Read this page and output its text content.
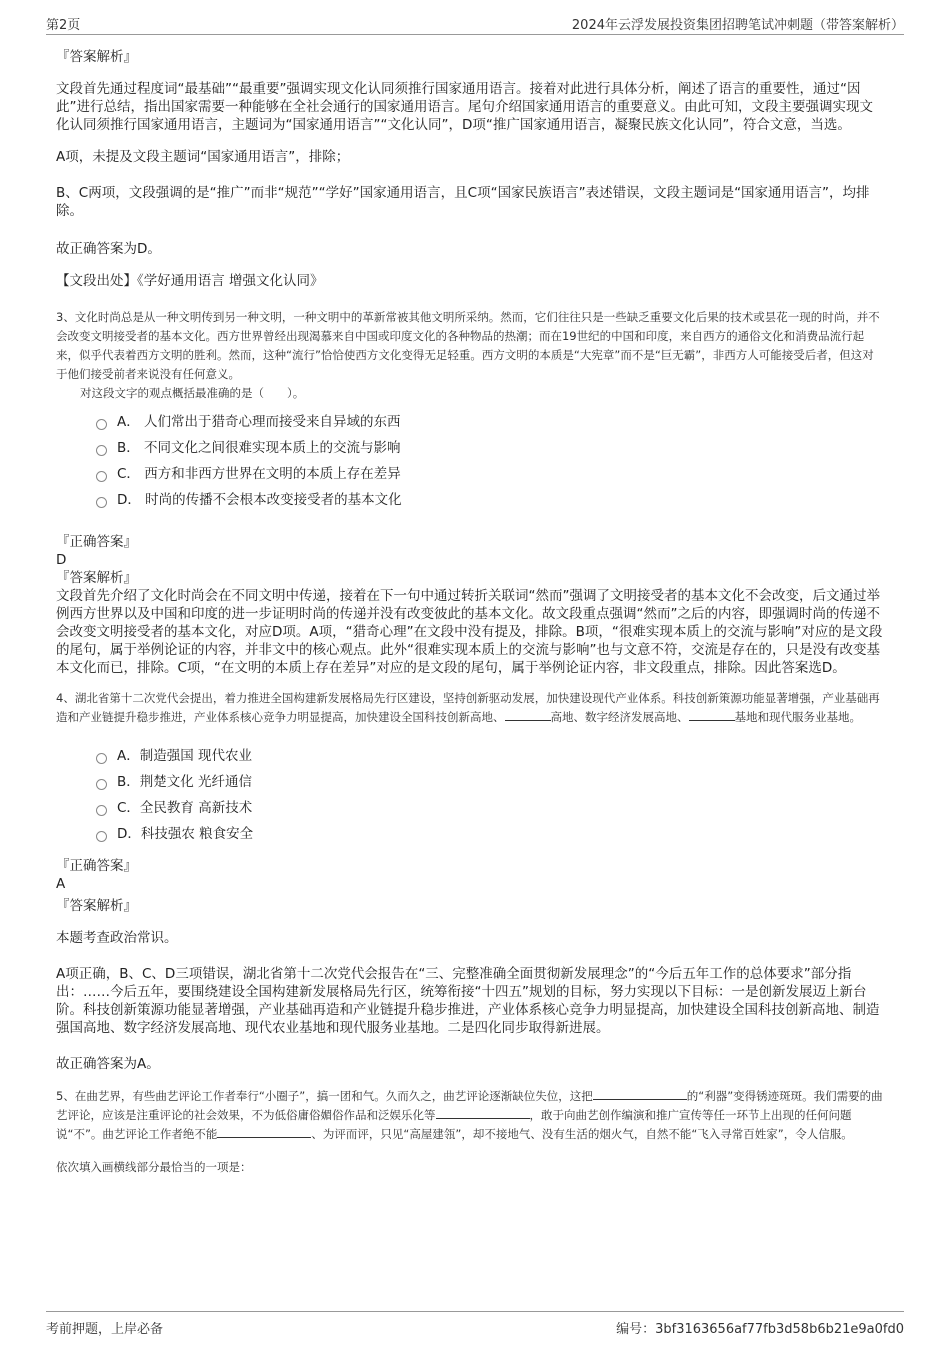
第2页	2024年云浮发展投资集团招聘笔试冲刺题（带答案解析）
『答案解析』
文段首先通过程度词“最基础”“最重要”强调实现文化认同须推行国家通用语言。接着对此进行具体分析，阐述了语言的重要性，通过“因此”进行总结，指出国家需要一种能够在全社会通行的国家通用语言。尾句介绍国家通用语言的重要意义。由此可知，文段主要强调实现文化认同须推行国家通用语言，主题词为“国家通用语言”“文化认同”，D项“推广国家通用语言，凝聚民族文化认同”，符合文意，当选。
A项，未提及文段主题词“国家通用语言”，排除；
B、C两项，文段强调的是“推广”而非“规范”“学好”国家通用语言，且C项“国家民族语言”表述错误，文段主题词是“国家通用语言”，均排除。
故正确答案为D。
【文段出处】《学好通用语言 增强文化认同》
3、文化时尚总是从一种文明传到另一种文明，一种文明中的革新常被其他文明所采纳。然而，它们往往只是一些缺乏重要文化后果的技术或昙花一现的时尚，并不会改变文明接受者的基本文化。西方世界曾经出现渴慕来自中国或印度文化的各种物品的热潮；而在19世纪的中国和印度，来自西方的通俗文化和消费品流行起来，似乎代表着西方文明的胜利。然而，这种“流行”恰恰使西方文化变得无足轻重。西方文明的本质是“大宪章”而不是“巨无霸”，非西方人可能接受后者，但这对于他们接受前者来说没有任何意义。
对这段文字的观点概括最准确的是（　　）。
A． 人们常出于猎奇心理而接受来自异域的东西
B． 不同文化之间很难实现本质上的交流与影响
C． 西方和非西方世界在文明的本质上存在差异
D． 时尚的传播不会根本改变接受者的基本文化
『正确答案』
D
『答案解析』
文段首先介绍了文化时尚会在不同文明中传递，接着在下一句中通过转折关联词“然而”强调了文明接受者的基本文化不会改变，后文通过举例西方世界以及中国和印度的进一步证明时尚的传递并没有改变彼此的基本文化。故文段重点强调“然而”之后的内容，即强调时尚的传递不会改变文明接受者的基本文化，对应D项。A项，“猎奇心理”在文段中没有提及，排除。B项，“很难实现本质上的交流与影响”对应的是文段的尾句，属于举例论证的内容，并非文中的核心观点。此外“很难实现本质上的交流与影响”也与文意不符，交流是存在的，只是没有改变基本文化而已，排除。C项，“在文明的本质上存在差异”对应的是文段的尾句，属于举例论证内容，非文段重点，排除。因此答案选D。
4、湖北省第十二次党代会提出，着力推进全国构建新发展格局先行区建设，坚持创新驱动发展，加快建设现代产业体系。科技创新策源功能显著增强，产业基础再造和产业链提升稳步推进，产业体系核心竞争力明显提高，加快建设全国科技创新高地、	高地、数字经济发展高地、	基地和现代服务业基地。
A．制造强国 现代农业
B．荆楚文化 光纤通信
C．全民教育 高新技术
D．科技强农 粮食安全
『正确答案』
A
『答案解析』
本题考查政治常识。
A项正确，B、C、D三项错误，湖北省第十二次党代会报告在“三、完整准确全面贯彻新发展理念”的“今后五年工作的总体要求”部分指出：……今后五年，要围绕建设全国构建新发展格局先行区，统筹衔接“十四五”规划的目标，努力实现以下目标：一是创新发展迈上新台阶。科技创新策源功能显著增强，产业基础再造和产业链提升稳步推进，产业体系核心竞争力明显提高，加快建设全国科技创新高地、制造强国高地、数字经济发展高地、现代农业基地和现代服务业基地。二是四化同步取得新进展。
故正确答案为A。
5、在曲艺界，有些曲艺评论工作者奉行“小圈子”，搞一团和气。久而久之，曲艺评论逐渐缺位失位，这把	的“利器”变得锈迹斑斑。我们需要的曲艺评论，应该是注重评论的社会效果，不为低俗庸俗媚俗作品和泛娱乐化等	，敢于向曲艺创作编演和推广宣传等任一环节上出现的任何问题说“不”。曲艺评论工作者绝不能	、为评而评，只见“高屋建瓴”，却不接地气、没有生活的烟火气，自然不能“飞入寻常百姓家”，令人信服。
依次填入画横线部分最恰当的一项是：
考前押题，上岸必备	编号：3bf3163656af77fb3d58b6b21e9a0fd0
